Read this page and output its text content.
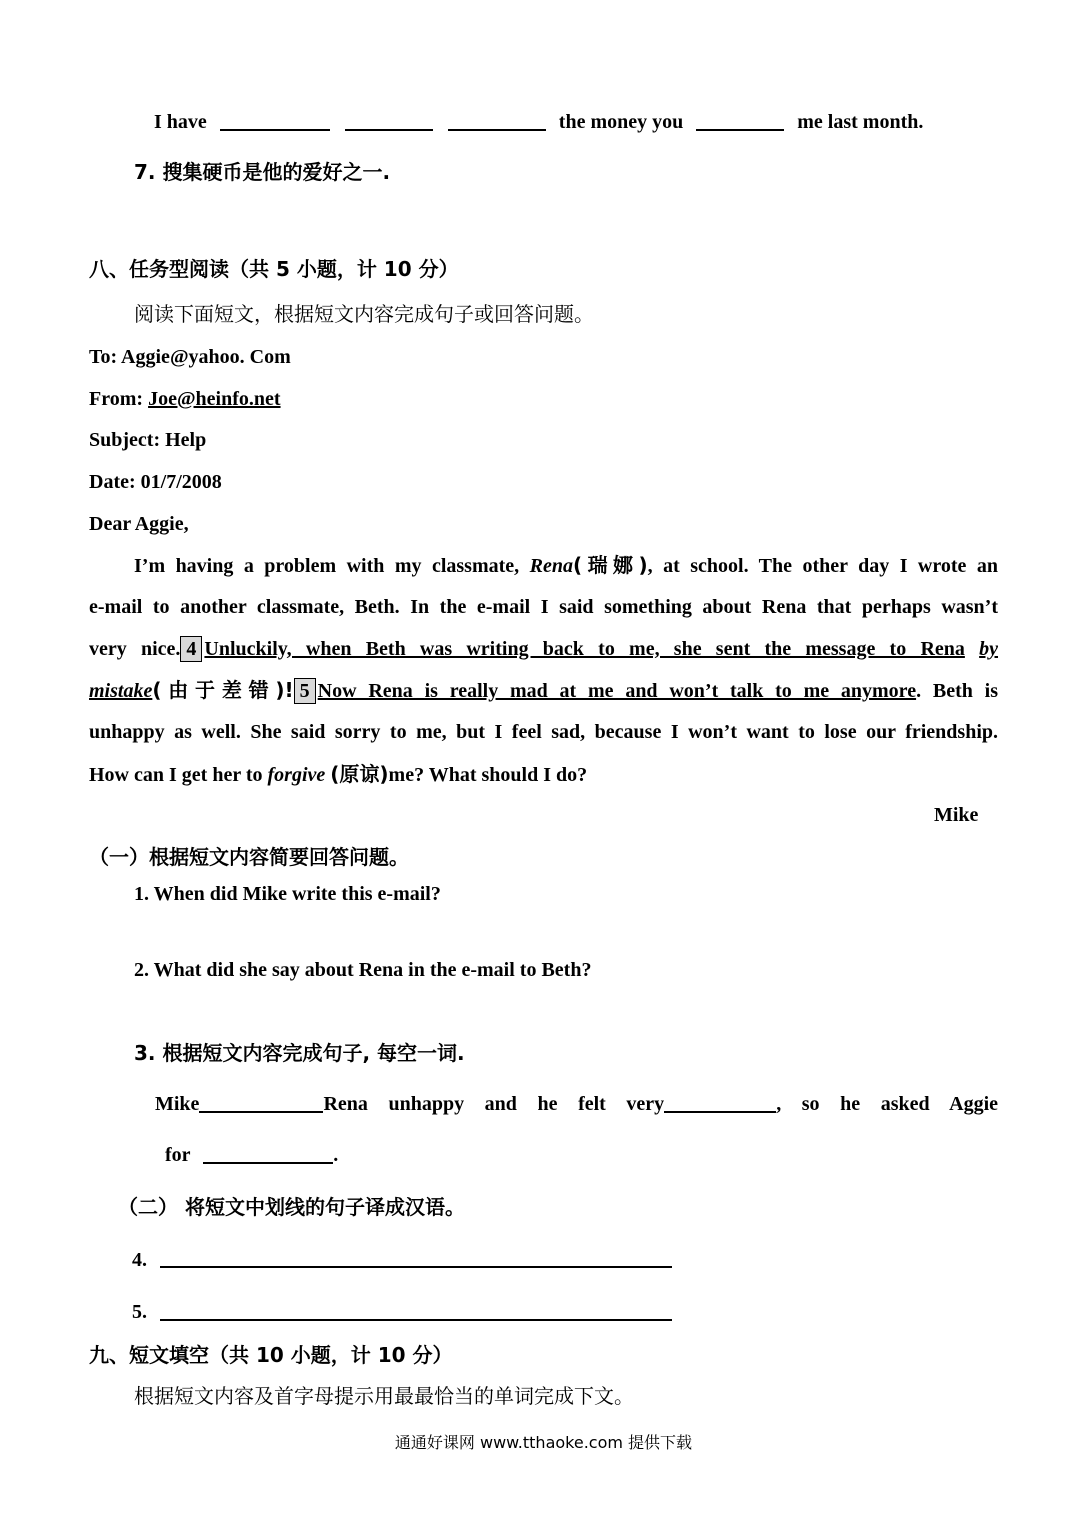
I have	the money you	me last month.
7. 搜集硬币是他的爱好之一.
八、任务型阅读（共 5 小题，计 10 分）
阅读下面短文，根据短文内容完成句子或回答问题。
To: Aggie@yahoo. Com
From: Joe@heinfo.net
Subject: Help
Date: 01/7/2008
Dear Aggie,
I’m having a problem with my classmate, Rena(瑞娜), at school. The other day I wrote an
e-mail to another classmate, Beth. In the e-mail I said something about Rena that perhaps wasn’t
very nice. 4 Unluckily, when Beth was writing back to me, she sent the message to Rena by
mistake(由于差错)! 5 Now Rena is really mad at me and won’t talk to me anymore. Beth is
unhappy as well. She said sorry to me, but I feel sad, because I won’t want to lose our friendship.
How can I get her to forgive (原谅)me? What should I do?
Mike
（一）根据短文内容简要回答问题。
1. When did Mike write this e-mail?
2. What did she say about Rena in the e-mail to Beth?
3. 根据短文内容完成句子, 每空一词.
Mike	Rena unhappy and he felt very	, so he asked Aggie
for	.
（二） 将短文中划线的句子译成汉语。
4.
5.
九、短文填空（共 10 小题，计 10 分）
根据短文内容及首字母提示用最最恰当的单词完成下文。
通通好课网 www.tthaoke.com 提供下载
